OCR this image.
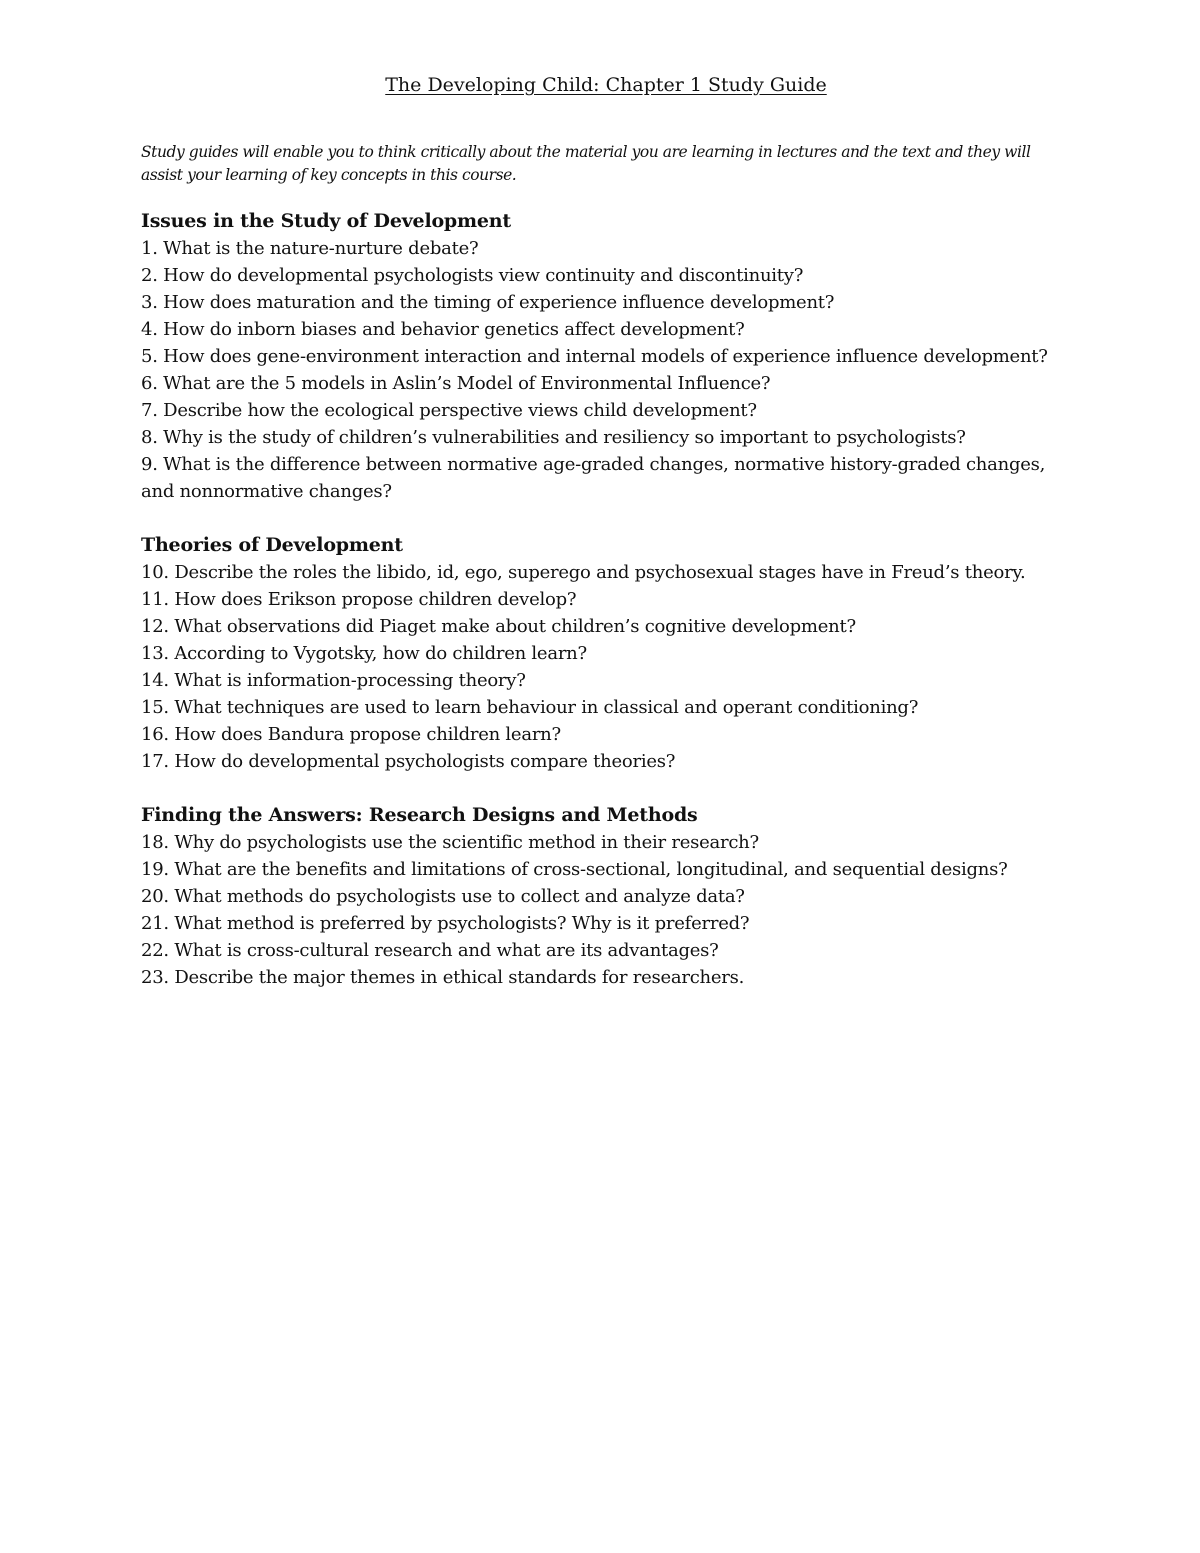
The Developing Child: Chapter 1 Study Guide
Study guides will enable you to think critically about the material you are learning in lectures and the text and they will assist your learning of key concepts in this course.
Issues in the Study of Development
1. What is the nature-nurture debate?
2. How do developmental psychologists view continuity and discontinuity?
3. How does maturation and the timing of experience influence development?
4. How do inborn biases and behavior genetics affect development?
5. How does gene-environment interaction and internal models of experience influence development?
6. What are the 5 models in Aslin’s Model of Environmental Influence?
7. Describe how the ecological perspective views child development?
8. Why is the study of children’s vulnerabilities and resiliency so important to psychologists?
9. What is the difference between normative age-graded changes, normative history-graded changes, and nonnormative changes?
Theories of Development
10. Describe the roles the libido, id, ego, superego and psychosexual stages have in Freud’s theory.
11. How does Erikson propose children develop?
12. What observations did Piaget make about children’s cognitive development?
13. According to Vygotsky, how do children learn?
14. What is information-processing theory?
15. What techniques are used to learn behaviour in classical and operant conditioning?
16. How does Bandura propose children learn?
17. How do developmental psychologists compare theories?
Finding the Answers: Research Designs and Methods
18. Why do psychologists use the scientific method in their research?
19. What are the benefits and limitations of cross-sectional, longitudinal, and sequential designs?
20. What methods do psychologists use to collect and analyze data?
21. What method is preferred by psychologists? Why is it preferred?
22. What is cross-cultural research and what are its advantages?
23. Describe the major themes in ethical standards for researchers.
